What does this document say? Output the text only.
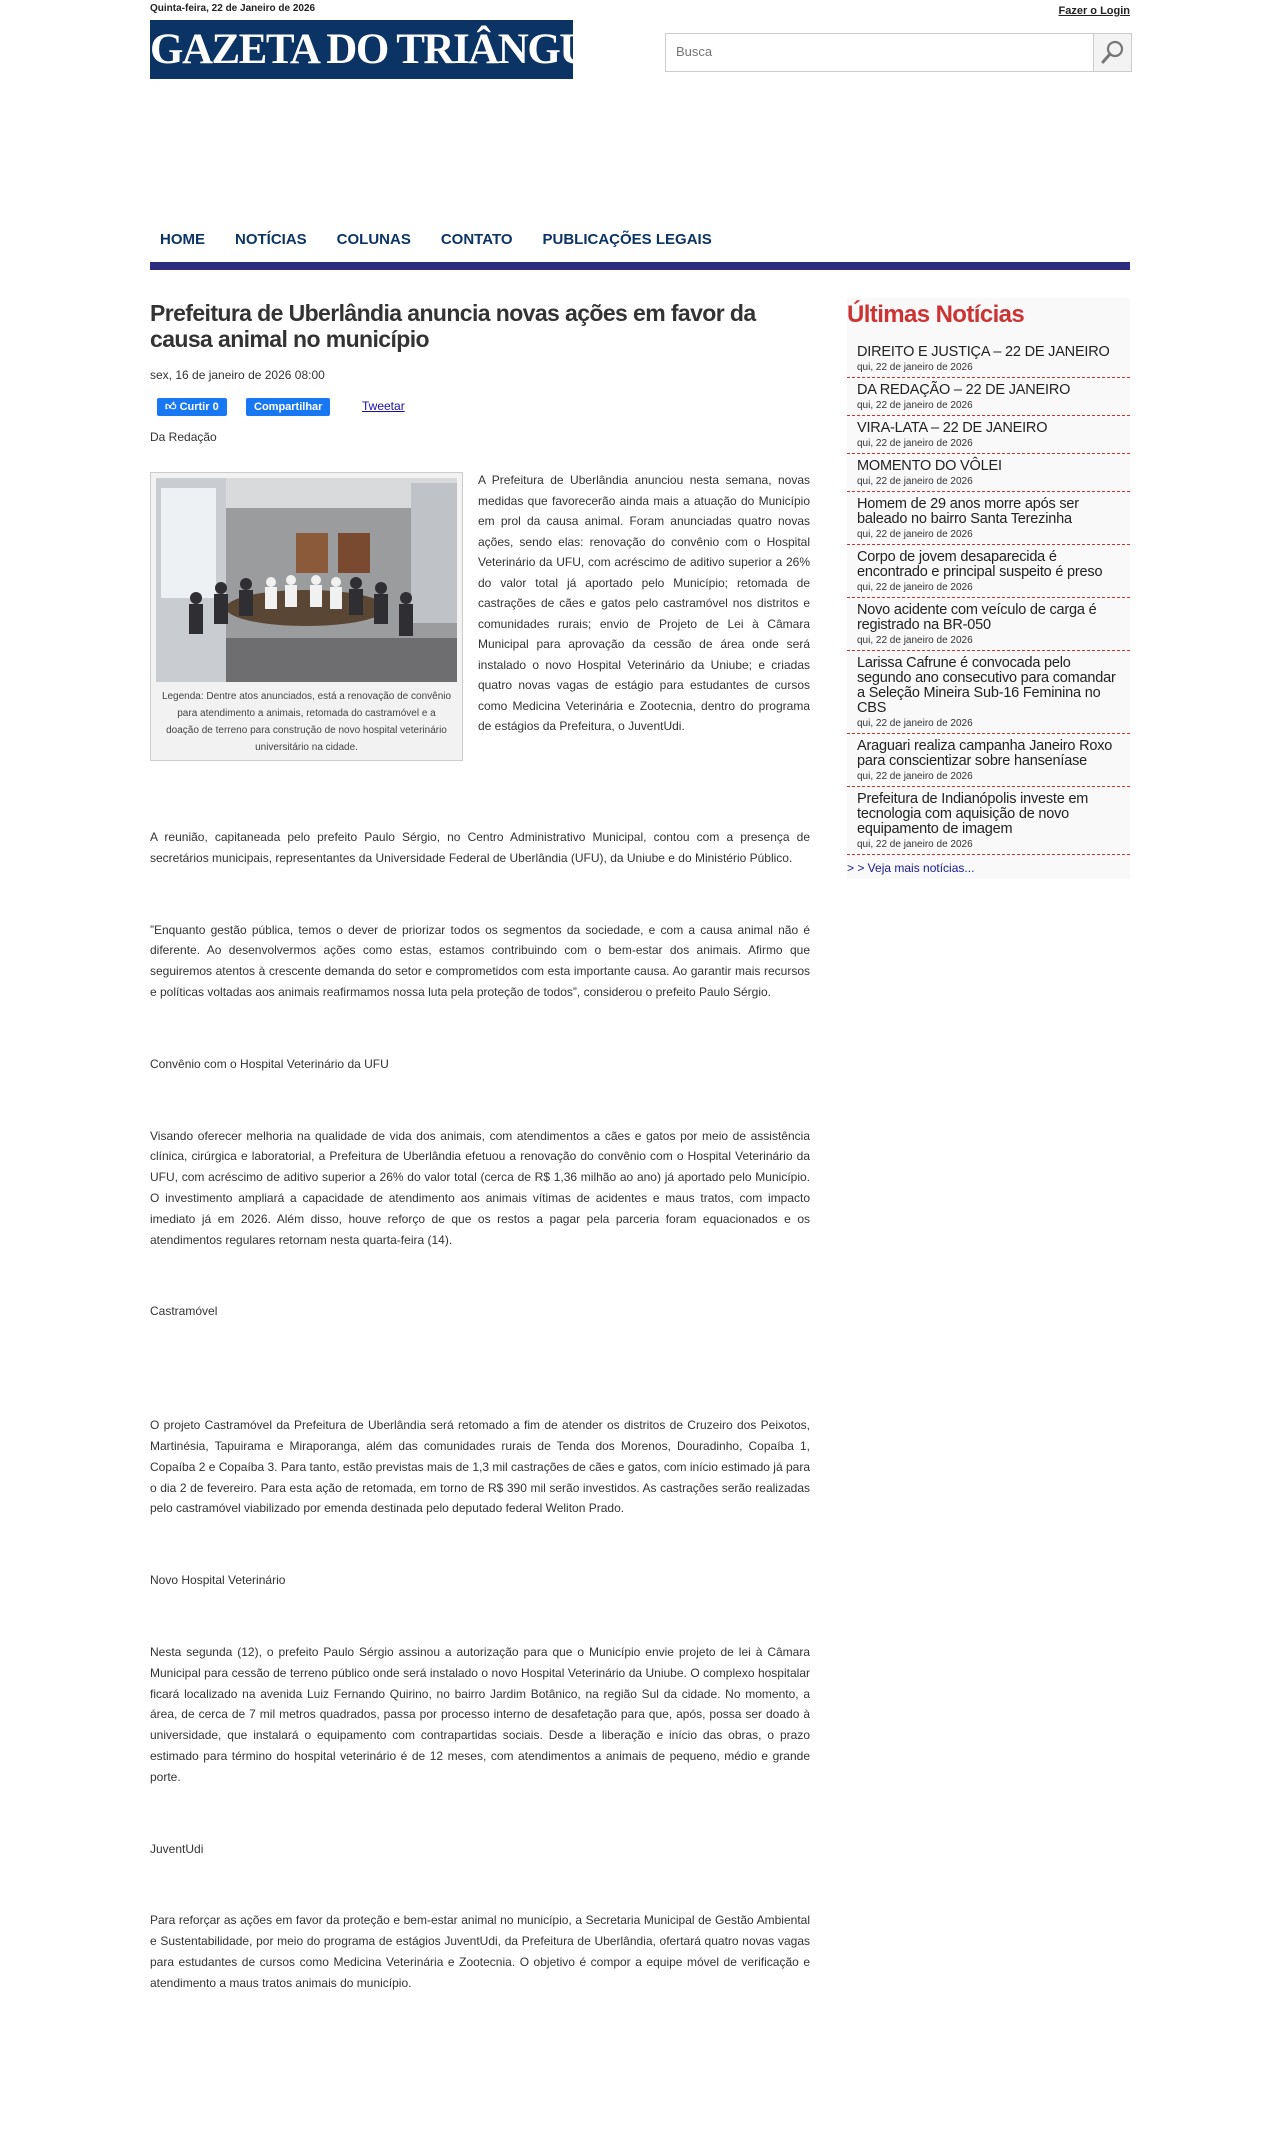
Quinta-feira, 22 de Janeiro de 2026	Fazer o Login
GAZETA DO TRIÂNGULO
Busca
HOME NOTÍCIAS COLUNAS CONTATO PUBLICAÇÕES LEGAIS
Prefeitura de Uberlândia anuncia novas ações em favor da causa animal no município
sex, 16 de janeiro de 2026 08:00
👍︎ Curtir 0	Compartilhar	Tweetar
Da Redação
Legenda: Dentre atos anunciados, está a renovação de convênio para atendimento a animais, retomada do castramóvel e a doação de terreno para construção de novo hospital veterinário universitário na cidade.

A Prefeitura de Uberlândia anunciou nesta semana, novas medidas que favorecerão ainda mais a atuação do Município em prol da causa animal. Foram anunciadas quatro novas ações, sendo elas: renovação do convênio com o Hospital Veterinário da UFU, com acréscimo de aditivo superior a 26% do valor total já aportado pelo Município; retomada de castrações de cães e gatos pelo castramóvel nos distritos e comunidades rurais; envio de Projeto de Lei à Câmara Municipal para aprovação da cessão de área onde será instalado o novo Hospital Veterinário da Uniube; e criadas quatro novas vagas de estágio para estudantes de cursos como Medicina Veterinária e Zootecnia, dentro do programa de estágios da Prefeitura, o JuventUdi.

A reunião, capitaneada pelo prefeito Paulo Sérgio, no Centro Administrativo Municipal, contou com a presença de secretários municipais, representantes da Universidade Federal de Uberlândia (UFU), da Uniube e do Ministério Público.

”Enquanto gestão pública, temos o dever de priorizar todos os segmentos da sociedade, e com a causa animal não é diferente. Ao desenvolvermos ações como estas, estamos contribuindo com o bem-estar dos animais. Afirmo que seguiremos atentos à crescente demanda do setor e comprometidos com esta importante causa. Ao garantir mais recursos e políticas voltadas aos animais reafirmamos nossa luta pela proteção de todos”, considerou o prefeito Paulo Sérgio.

Convênio com o Hospital Veterinário da UFU

Visando oferecer melhoria na qualidade de vida dos animais, com atendimentos a cães e gatos por meio de assistência clínica, cirúrgica e laboratorial, a Prefeitura de Uberlândia efetuou a renovação do convênio com o Hospital Veterinário da UFU, com acréscimo de aditivo superior a 26% do valor total (cerca de R$ 1,36 milhão ao ano) já aportado pelo Município. O investimento ampliará a capacidade de atendimento aos animais vítimas de acidentes e maus tratos, com impacto imediato já em 2026. Além disso, houve reforço de que os restos a pagar pela parceria foram equacionados e os atendimentos regulares retornam nesta quarta-feira (14).

Castramóvel

O projeto Castramóvel da Prefeitura de Uberlândia será retomado a fim de atender os distritos de Cruzeiro dos Peixotos, Martinésia, Tapuirama e Miraporanga, além das comunidades rurais de Tenda dos Morenos, Douradinho, Copaíba 1, Copaíba 2 e Copaíba 3. Para tanto, estão previstas mais de 1,3 mil castrações de cães e gatos, com início estimado já para o dia 2 de fevereiro. Para esta ação de retomada, em torno de R$ 390 mil serão investidos. As castrações serão realizadas pelo castramóvel viabilizado por emenda destinada pelo deputado federal Weliton Prado.

Novo Hospital Veterinário

Nesta segunda (12), o prefeito Paulo Sérgio assinou a autorização para que o Município envie projeto de lei à Câmara Municipal para cessão de terreno público onde será instalado o novo Hospital Veterinário da Uniube. O complexo hospitalar ficará localizado na avenida Luiz Fernando Quirino, no bairro Jardim Botânico, na região Sul da cidade. No momento, a área, de cerca de 7 mil metros quadrados, passa por processo interno de desafetação para que, após, possa ser doado à universidade, que instalará o equipamento com contrapartidas sociais. Desde a liberação e início das obras, o prazo estimado para término do hospital veterinário é de 12 meses, com atendimentos a animais de pequeno, médio e grande porte.

JuventUdi

Para reforçar as ações em favor da proteção e bem-estar animal no município, a Secretaria Municipal de Gestão Ambiental e Sustentabilidade, por meio do programa de estágios JuventUdi, da Prefeitura de Uberlândia, ofertará quatro novas vagas para estudantes de cursos como Medicina Veterinária e Zootecnia. O objetivo é compor a equipe móvel de verificação e atendimento a maus tratos animais do município.

Últimas Notícias
DIREITO E JUSTIÇA – 22 DE JANEIRO
qui, 22 de janeiro de 2026
DA REDAÇÃO – 22 DE JANEIRO
qui, 22 de janeiro de 2026
VIRA-LATA – 22 DE JANEIRO
qui, 22 de janeiro de 2026
MOMENTO DO VÔLEI
qui, 22 de janeiro de 2026
Homem de 29 anos morre após ser baleado no bairro Santa Terezinha
qui, 22 de janeiro de 2026
Corpo de jovem desaparecida é encontrado e principal suspeito é preso
qui, 22 de janeiro de 2026
Novo acidente com veículo de carga é registrado na BR-050
qui, 22 de janeiro de 2026
Larissa Cafrune é convocada pelo segundo ano consecutivo para comandar a Seleção Mineira Sub-16 Feminina no CBS
qui, 22 de janeiro de 2026
Araguari realiza campanha Janeiro Roxo para conscientizar sobre hanseníase
qui, 22 de janeiro de 2026
Prefeitura de Indianópolis investe em tecnologia com aquisição de novo equipamento de imagem
qui, 22 de janeiro de 2026
> > Veja mais notícias...
